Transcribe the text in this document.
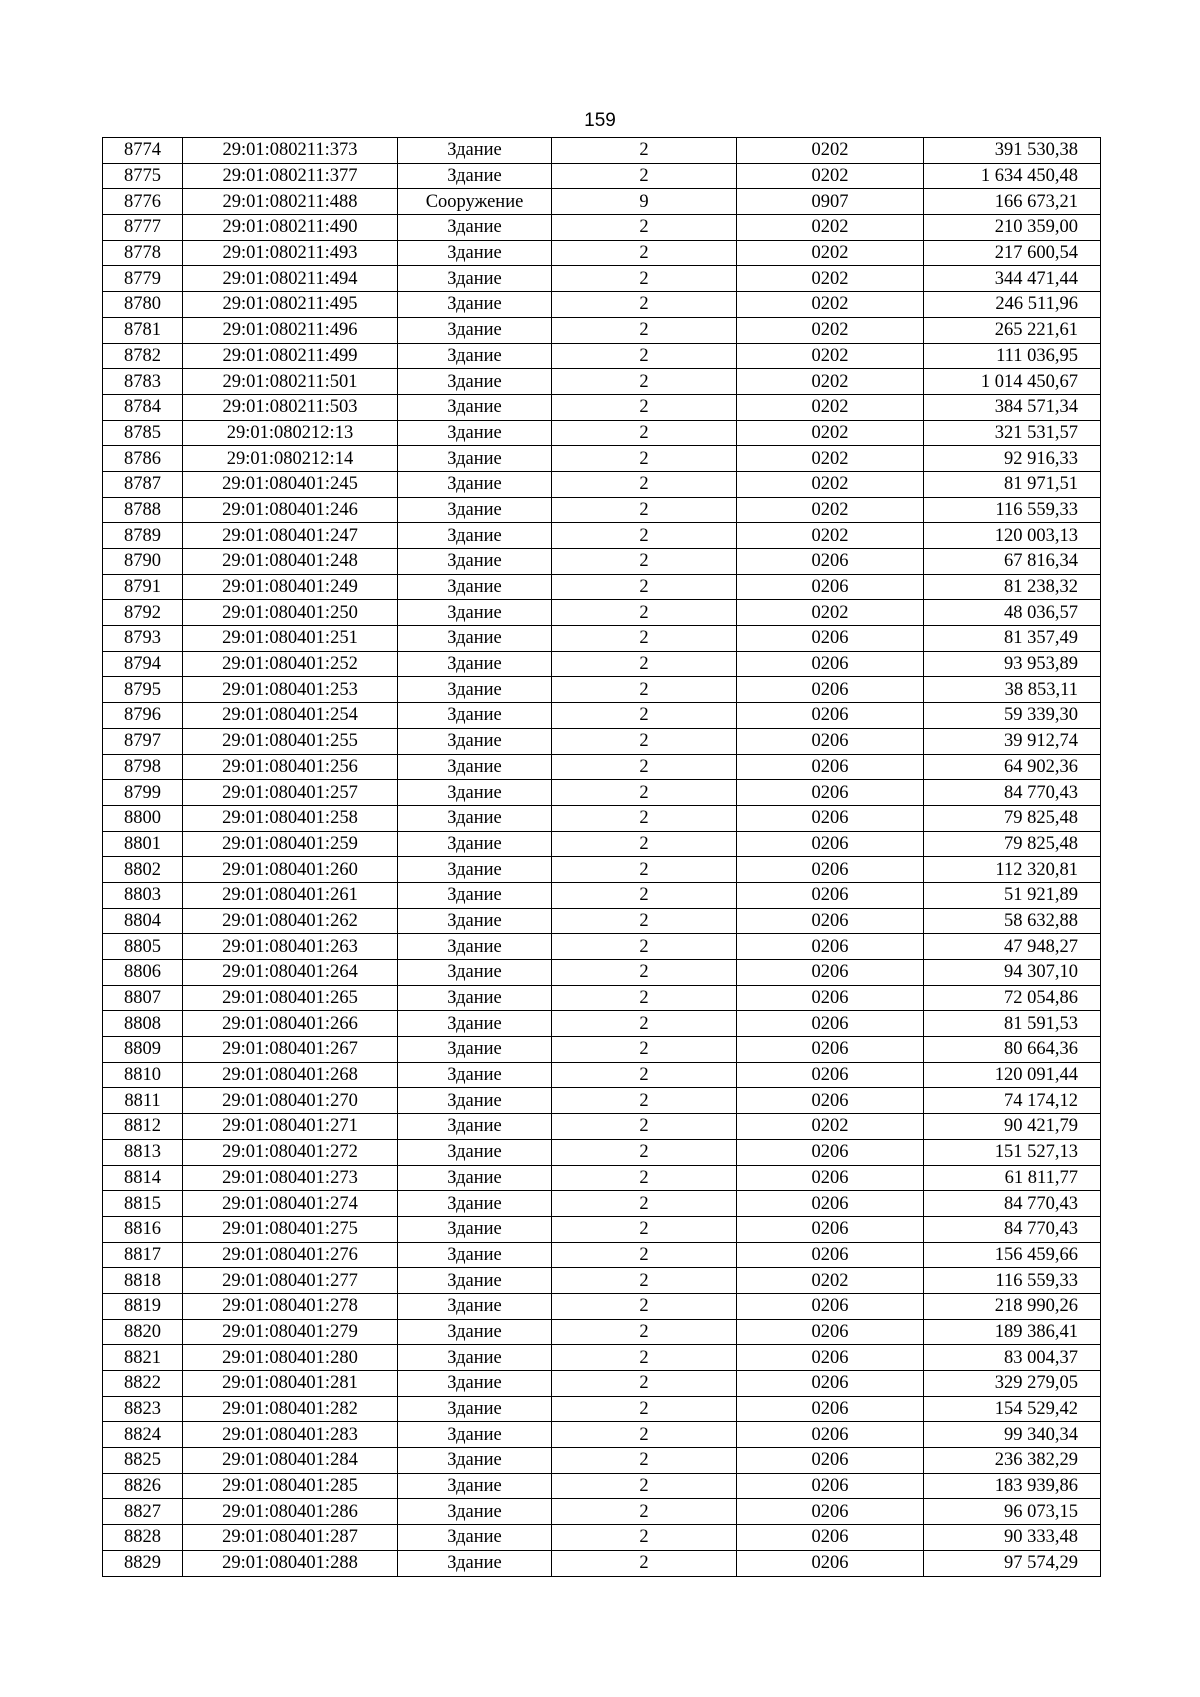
159
8774	29:01:080211:373	Здание	2	0202	391 530,38
8775	29:01:080211:377	Здание	2	0202	1 634 450,48
8776	29:01:080211:488	Сооружение	9	0907	166 673,21
8777	29:01:080211:490	Здание	2	0202	210 359,00
8778	29:01:080211:493	Здание	2	0202	217 600,54
8779	29:01:080211:494	Здание	2	0202	344 471,44
8780	29:01:080211:495	Здание	2	0202	246 511,96
8781	29:01:080211:496	Здание	2	0202	265 221,61
8782	29:01:080211:499	Здание	2	0202	111 036,95
8783	29:01:080211:501	Здание	2	0202	1 014 450,67
8784	29:01:080211:503	Здание	2	0202	384 571,34
8785	29:01:080212:13	Здание	2	0202	321 531,57
8786	29:01:080212:14	Здание	2	0202	92 916,33
8787	29:01:080401:245	Здание	2	0202	81 971,51
8788	29:01:080401:246	Здание	2	0202	116 559,33
8789	29:01:080401:247	Здание	2	0202	120 003,13
8790	29:01:080401:248	Здание	2	0206	67 816,34
8791	29:01:080401:249	Здание	2	0206	81 238,32
8792	29:01:080401:250	Здание	2	0202	48 036,57
8793	29:01:080401:251	Здание	2	0206	81 357,49
8794	29:01:080401:252	Здание	2	0206	93 953,89
8795	29:01:080401:253	Здание	2	0206	38 853,11
8796	29:01:080401:254	Здание	2	0206	59 339,30
8797	29:01:080401:255	Здание	2	0206	39 912,74
8798	29:01:080401:256	Здание	2	0206	64 902,36
8799	29:01:080401:257	Здание	2	0206	84 770,43
8800	29:01:080401:258	Здание	2	0206	79 825,48
8801	29:01:080401:259	Здание	2	0206	79 825,48
8802	29:01:080401:260	Здание	2	0206	112 320,81
8803	29:01:080401:261	Здание	2	0206	51 921,89
8804	29:01:080401:262	Здание	2	0206	58 632,88
8805	29:01:080401:263	Здание	2	0206	47 948,27
8806	29:01:080401:264	Здание	2	0206	94 307,10
8807	29:01:080401:265	Здание	2	0206	72 054,86
8808	29:01:080401:266	Здание	2	0206	81 591,53
8809	29:01:080401:267	Здание	2	0206	80 664,36
8810	29:01:080401:268	Здание	2	0206	120 091,44
8811	29:01:080401:270	Здание	2	0206	74 174,12
8812	29:01:080401:271	Здание	2	0202	90 421,79
8813	29:01:080401:272	Здание	2	0206	151 527,13
8814	29:01:080401:273	Здание	2	0206	61 811,77
8815	29:01:080401:274	Здание	2	0206	84 770,43
8816	29:01:080401:275	Здание	2	0206	84 770,43
8817	29:01:080401:276	Здание	2	0206	156 459,66
8818	29:01:080401:277	Здание	2	0202	116 559,33
8819	29:01:080401:278	Здание	2	0206	218 990,26
8820	29:01:080401:279	Здание	2	0206	189 386,41
8821	29:01:080401:280	Здание	2	0206	83 004,37
8822	29:01:080401:281	Здание	2	0206	329 279,05
8823	29:01:080401:282	Здание	2	0206	154 529,42
8824	29:01:080401:283	Здание	2	0206	99 340,34
8825	29:01:080401:284	Здание	2	0206	236 382,29
8826	29:01:080401:285	Здание	2	0206	183 939,86
8827	29:01:080401:286	Здание	2	0206	96 073,15
8828	29:01:080401:287	Здание	2	0206	90 333,48
8829	29:01:080401:288	Здание	2	0206	97 574,29
